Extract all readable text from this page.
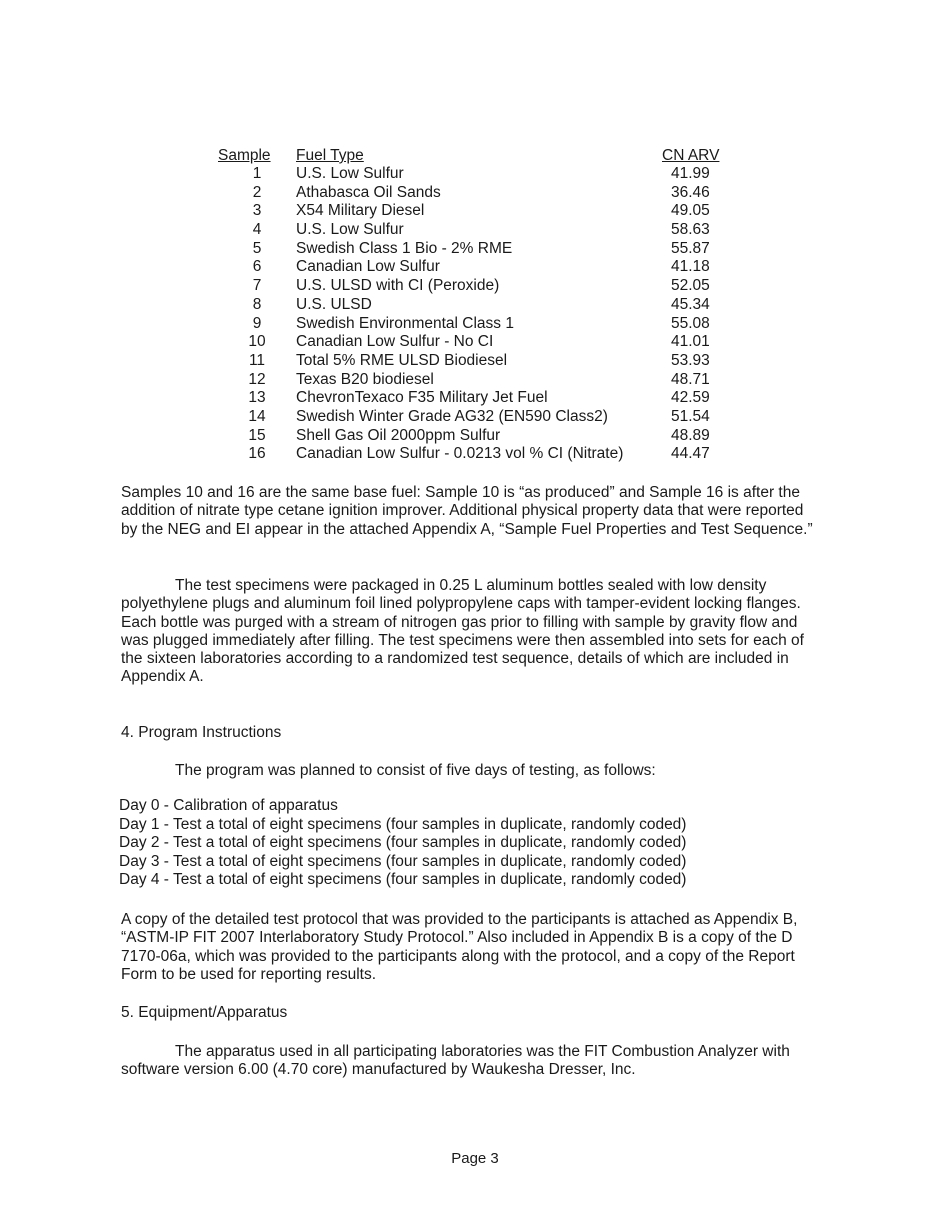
Sample	Fuel Type	CN ARV
1	U.S. Low Sulfur	41.99
2	Athabasca Oil Sands	36.46
3	X54 Military Diesel	49.05
4	U.S. Low Sulfur	58.63
5	Swedish Class 1 Bio - 2% RME	55.87
6	Canadian Low Sulfur	41.18
7	U.S. ULSD with CI (Peroxide)	52.05
8	U.S. ULSD	45.34
9	Swedish Environmental Class 1	55.08
10	Canadian Low Sulfur - No CI	41.01
11	Total 5% RME ULSD Biodiesel	53.93
12	Texas B20 biodiesel	48.71
13	ChevronTexaco F35 Military Jet Fuel	42.59
14	Swedish Winter Grade AG32 (EN590 Class2)	51.54
15	Shell Gas Oil 2000ppm Sulfur	48.89
16	Canadian Low Sulfur - 0.0213 vol % CI (Nitrate)	44.47

Samples 10 and 16 are the same base fuel: Sample 10 is “as produced” and Sample 16 is after the addition of nitrate type cetane ignition improver. Additional physical property data that were reported by the NEG and EI appear in the attached Appendix A, “Sample Fuel Properties and Test Sequence.”

The test specimens were packaged in 0.25 L aluminum bottles sealed with low density polyethylene plugs and aluminum foil lined polypropylene caps with tamper-evident locking flanges. Each bottle was purged with a stream of nitrogen gas prior to filling with sample by gravity flow and was plugged immediately after filling. The test specimens were then assembled into sets for each of the sixteen laboratories according to a randomized test sequence, details of which are included in Appendix A.

4. Program Instructions

The program was planned to consist of five days of testing, as follows:

Day 0 - Calibration of apparatus
Day 1 - Test a total of eight specimens (four samples in duplicate, randomly coded)
Day 2 - Test a total of eight specimens (four samples in duplicate, randomly coded)
Day 3 - Test a total of eight specimens (four samples in duplicate, randomly coded)
Day 4 - Test a total of eight specimens (four samples in duplicate, randomly coded)

A copy of the detailed test protocol that was provided to the participants is attached as Appendix B, “ASTM-IP FIT 2007 Interlaboratory Study Protocol.” Also included in Appendix B is a copy of the D 7170-06a, which was provided to the participants along with the protocol, and a copy of the Report Form to be used for reporting results.

5. Equipment/Apparatus

The apparatus used in all participating laboratories was the FIT Combustion Analyzer with software version 6.00 (4.70 core) manufactured by Waukesha Dresser, Inc.

Page 3
